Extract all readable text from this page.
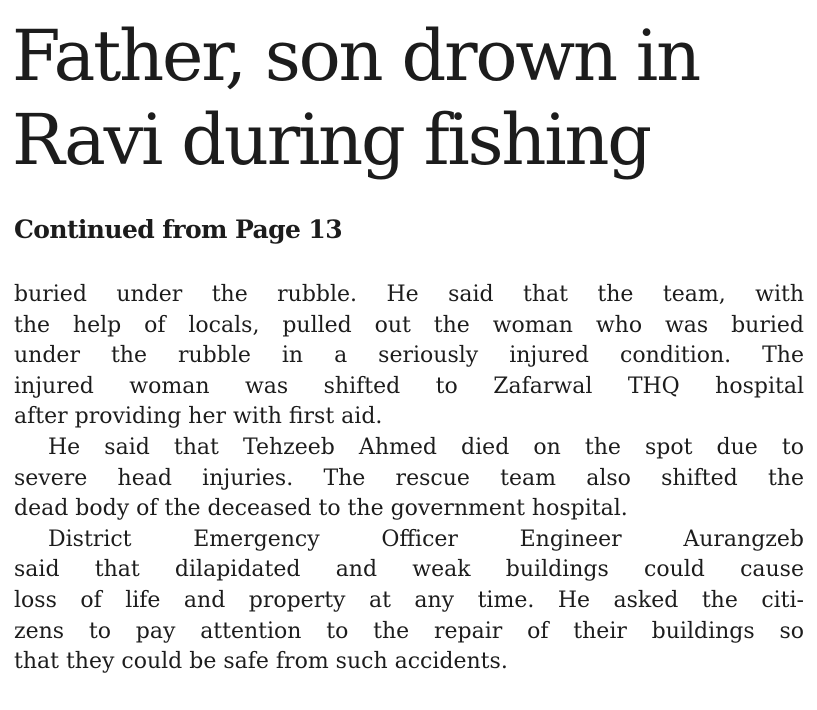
Father, son drown in
Ravi during fishing

Continued from Page 13

buried under the rubble. He said that the team, with
the help of locals, pulled out the woman who was buried
under the rubble in a seriously injured condition. The
injured woman was shifted to Zafarwal THQ hospital
after providing her with first aid.
He said that Tehzeeb Ahmed died on the spot due to
severe head injuries. The rescue team also shifted the
dead body of the deceased to the government hospital.
District Emergency Officer Engineer Aurangzeb
said that dilapidated and weak buildings could cause
loss of life and property at any time. He asked the citi-
zens to pay attention to the repair of their buildings so
that they could be safe from such accidents.
